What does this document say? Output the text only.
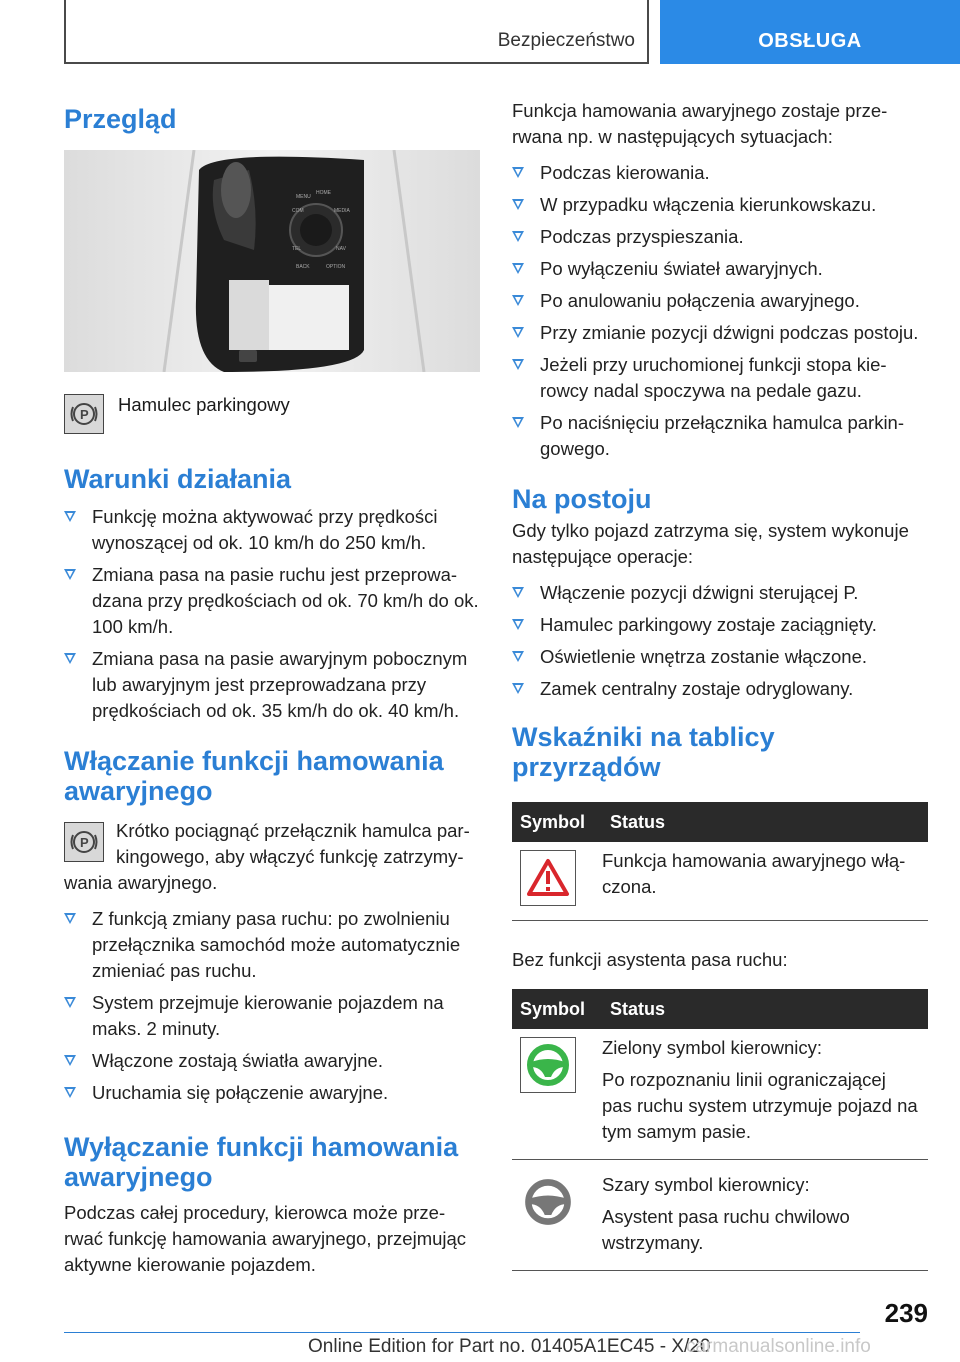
Bezpieczeństwo	OBSŁUGA
Przegląd
MENU
HOME
BACK	OPTION
COM	MEDIA
TEL	NAV
P Hamulec parkingowy
Warunki działania
Funkcję można aktywować przy prędkości wynoszącej od ok. 10 km/h do 250 km/h.
Zmiana pasa na pasie ruchu jest przeprowa‐dzana przy prędkościach od ok. 70 km/h do ok. 100 km/h.
Zmiana pasa na pasie awaryjnym pobocznym lub awaryjnym jest przeprowadzana przy prędkościach od ok. 35 km/h do ok. 40 km/h.
Włączanie funkcji hamowania awaryjnego
P

Krótko pociągnąć przełącznik hamulca par‐kingowego, aby włączyć funkcję zatrzymy‐wania awaryjnego.

Z funkcją zmiany pasa ruchu: po zwolnieniu przełącznika samochód może automatycznie zmieniać pas ruchu.
System przejmuje kierowanie pojazdem na maks. 2 minuty.
Włączone zostają światła awaryjne.
Uruchamia się połączenie awaryjne.
Wyłączanie funkcji hamowania awaryjnego

Podczas całej procedury, kierowca może prze‐rwać funkcję hamowania awaryjnego, przejmując aktywne kierowanie pojazdem.

Funkcja hamowania awaryjnego zostaje prze‐rwana np. w następujących sytuacjach:

Podczas kierowania.
W przypadku włączenia kierunkowskazu.
Podczas przyspieszania.
Po wyłączeniu świateł awaryjnych.
Po anulowaniu połączenia awaryjnego.
Przy zmianie pozycji dźwigni podczas postoju.
Jeżeli przy uruchomionej funkcji stopa kie‐rowcy nadal spoczywa na pedale gazu.
Po naciśnięciu przełącznika hamulca parkin‐gowego.
Na postoju

Gdy tylko pojazd zatrzyma się, system wykonuje następujące operacje:

Włączenie pozycji dźwigni sterującej P.
Hamulec parkingowy zostaje zaciągnięty.
Oświetlenie wnętrza zostanie włączone.
Zamek centralny zostaje odryglowany.
Wskaźniki na tablicy przyrządów
Symbol	Status

	Funkcja hamowania awaryjnego włą‐czona.

Bez funkcji asystenta pasa ruchu:

Symbol	Status

Zielony symbol kierownicy:
Po rozpoznaniu linii ograniczającej pas ruchu system utrzymuje pojazd na tym samym pasie.

Szary symbol kierownicy:
Asystent pasa ruchu chwilowo wstrzymany.
239
Online Edition for Part no. 01405A1EC45 - X/20
carmanualsonline.info
